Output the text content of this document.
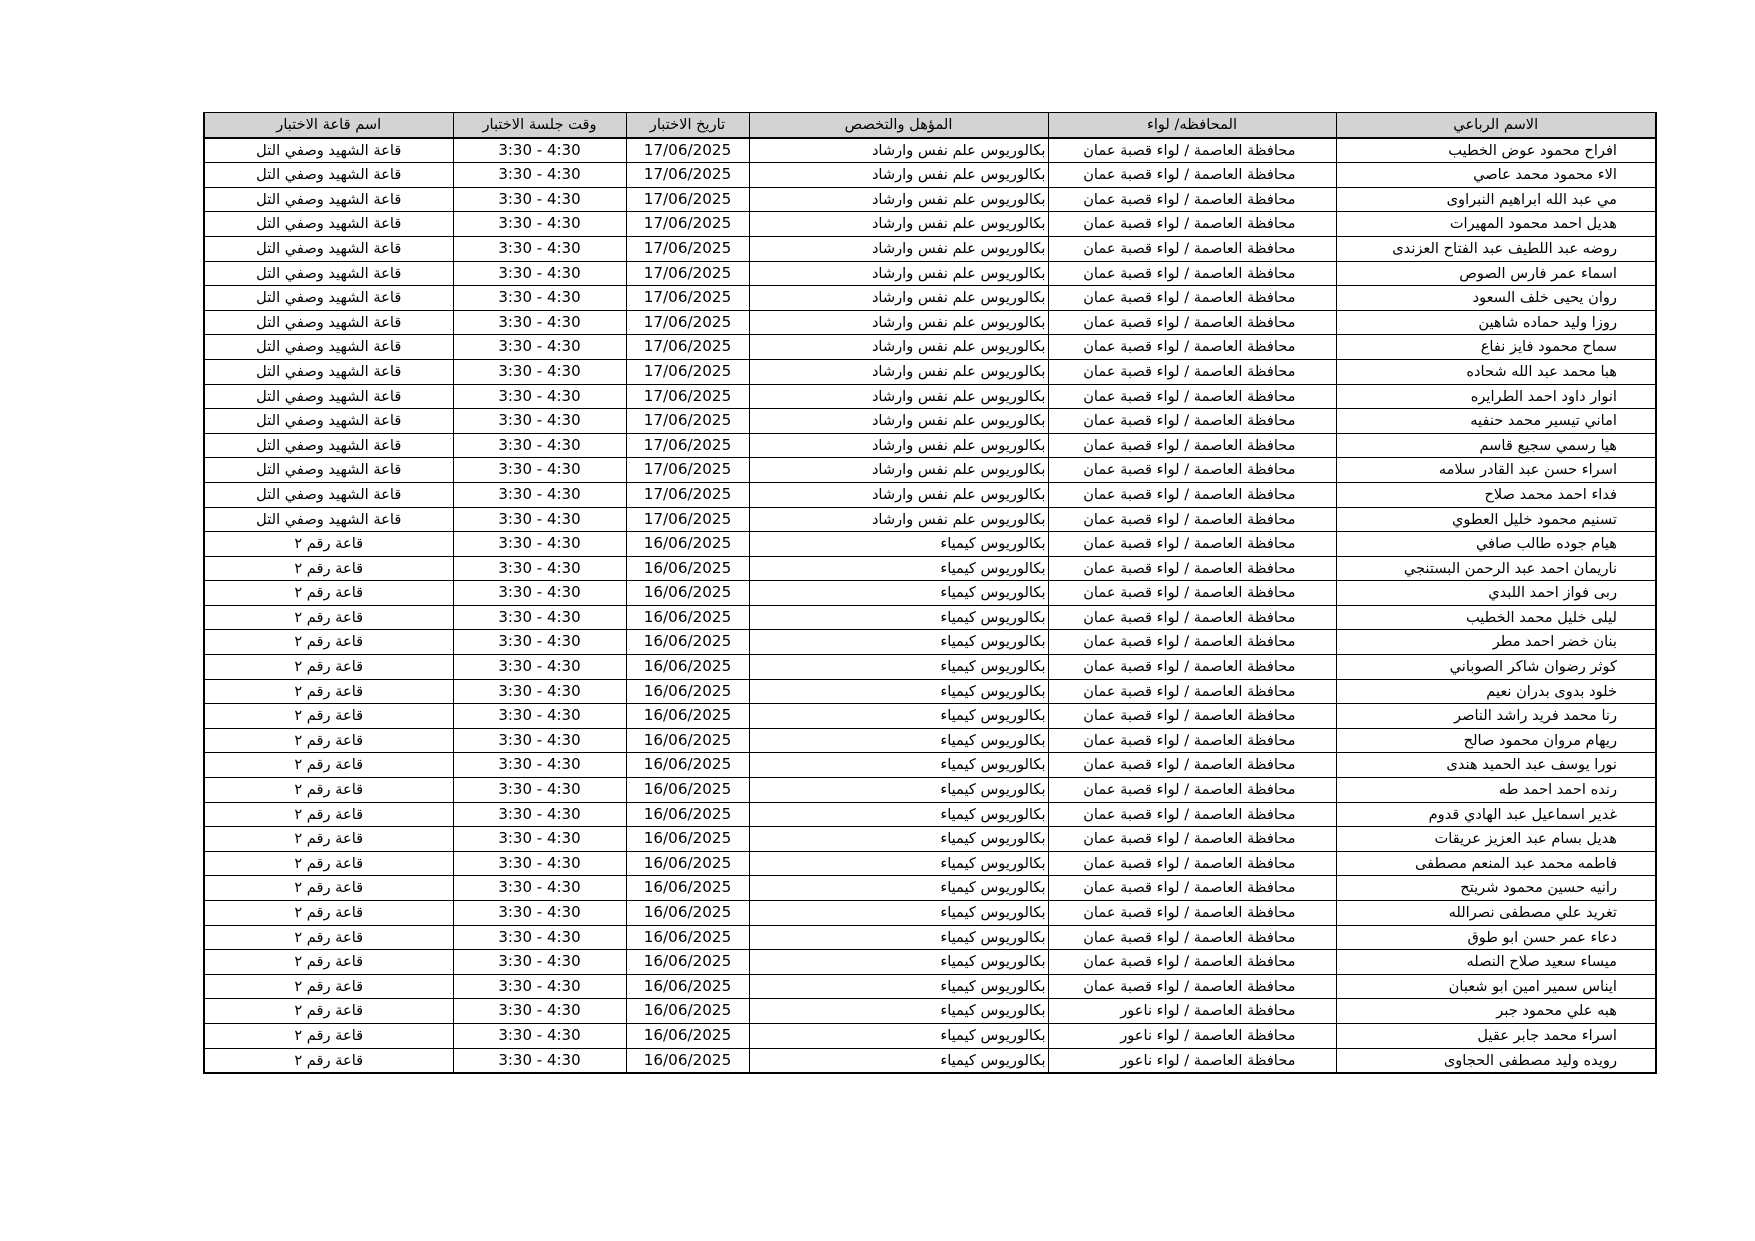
الاسم الرباعي	المحافظه/ لواء	المؤهل والتخصص	تاريخ الاختبار	وقت جلسة الاختبار	اسم قاعة الاختبار
افراح محمود عوض الخطيب	محافظة العاصمة / لواء قصبة عمان	بكالوريوس علم نفس وارشاد	17/06/2025	3:30 - 4:30	قاعة الشهيد وصفي التل
الاء محمود محمد عاصي	محافظة العاصمة / لواء قصبة عمان	بكالوريوس علم نفس وارشاد	17/06/2025	3:30 - 4:30	قاعة الشهيد وصفي التل
مي عبد الله ابراهيم النبراوى	محافظة العاصمة / لواء قصبة عمان	بكالوريوس علم نفس وارشاد	17/06/2025	3:30 - 4:30	قاعة الشهيد وصفي التل
هديل احمد محمود المهيرات	محافظة العاصمة / لواء قصبة عمان	بكالوريوس علم نفس وارشاد	17/06/2025	3:30 - 4:30	قاعة الشهيد وصفي التل
روضه عبد اللطيف عبد الفتاح العزندى	محافظة العاصمة / لواء قصبة عمان	بكالوريوس علم نفس وارشاد	17/06/2025	3:30 - 4:30	قاعة الشهيد وصفي التل
اسماء عمر فارس الصوص	محافظة العاصمة / لواء قصبة عمان	بكالوريوس علم نفس وارشاد	17/06/2025	3:30 - 4:30	قاعة الشهيد وصفي التل
روان يحيى خلف السعود	محافظة العاصمة / لواء قصبة عمان	بكالوريوس علم نفس وارشاد	17/06/2025	3:30 - 4:30	قاعة الشهيد وصفي التل
روزا وليد حماده شاهين	محافظة العاصمة / لواء قصبة عمان	بكالوريوس علم نفس وارشاد	17/06/2025	3:30 - 4:30	قاعة الشهيد وصفي التل
سماح محمود فايز نفاع	محافظة العاصمة / لواء قصبة عمان	بكالوريوس علم نفس وارشاد	17/06/2025	3:30 - 4:30	قاعة الشهيد وصفي التل
هبا محمد عبد الله شحاده	محافظة العاصمة / لواء قصبة عمان	بكالوريوس علم نفس وارشاد	17/06/2025	3:30 - 4:30	قاعة الشهيد وصفي التل
انوار داود احمد الطرايره	محافظة العاصمة / لواء قصبة عمان	بكالوريوس علم نفس وارشاد	17/06/2025	3:30 - 4:30	قاعة الشهيد وصفي التل
اماني تيسير محمد حنفيه	محافظة العاصمة / لواء قصبة عمان	بكالوريوس علم نفس وارشاد	17/06/2025	3:30 - 4:30	قاعة الشهيد وصفي التل
هيا رسمي سجيع قاسم	محافظة العاصمة / لواء قصبة عمان	بكالوريوس علم نفس وارشاد	17/06/2025	3:30 - 4:30	قاعة الشهيد وصفي التل
اسراء حسن عبد القادر سلامه	محافظة العاصمة / لواء قصبة عمان	بكالوريوس علم نفس وارشاد	17/06/2025	3:30 - 4:30	قاعة الشهيد وصفي التل
فداء احمد محمد صلاح	محافظة العاصمة / لواء قصبة عمان	بكالوريوس علم نفس وارشاد	17/06/2025	3:30 - 4:30	قاعة الشهيد وصفي التل
تسنيم محمود خليل العطوي	محافظة العاصمة / لواء قصبة عمان	بكالوريوس علم نفس وارشاد	17/06/2025	3:30 - 4:30	قاعة الشهيد وصفي التل
هيام جوده طالب صافي	محافظة العاصمة / لواء قصبة عمان	بكالوريوس كيمياء	16/06/2025	3:30 - 4:30	قاعة رقم ٢
ناريمان احمد عبد الرحمن البستنجي	محافظة العاصمة / لواء قصبة عمان	بكالوريوس كيمياء	16/06/2025	3:30 - 4:30	قاعة رقم ٢
ربى فواز احمد اللبدي	محافظة العاصمة / لواء قصبة عمان	بكالوريوس كيمياء	16/06/2025	3:30 - 4:30	قاعة رقم ٢
ليلى خليل محمد الخطيب	محافظة العاصمة / لواء قصبة عمان	بكالوريوس كيمياء	16/06/2025	3:30 - 4:30	قاعة رقم ٢
بنان خضر احمد مطر	محافظة العاصمة / لواء قصبة عمان	بكالوريوس كيمياء	16/06/2025	3:30 - 4:30	قاعة رقم ٢
كوثر رضوان شاكر الصوباني	محافظة العاصمة / لواء قصبة عمان	بكالوريوس كيمياء	16/06/2025	3:30 - 4:30	قاعة رقم ٢
خلود بدوى بدران نعيم	محافظة العاصمة / لواء قصبة عمان	بكالوريوس كيمياء	16/06/2025	3:30 - 4:30	قاعة رقم ٢
رنا محمد فريد راشد الناصر	محافظة العاصمة / لواء قصبة عمان	بكالوريوس كيمياء	16/06/2025	3:30 - 4:30	قاعة رقم ٢
ريهام مروان محمود صالح	محافظة العاصمة / لواء قصبة عمان	بكالوريوس كيمياء	16/06/2025	3:30 - 4:30	قاعة رقم ٢
نورا يوسف عبد الحميد هندى	محافظة العاصمة / لواء قصبة عمان	بكالوريوس كيمياء	16/06/2025	3:30 - 4:30	قاعة رقم ٢
رنده احمد احمد طه	محافظة العاصمة / لواء قصبة عمان	بكالوريوس كيمياء	16/06/2025	3:30 - 4:30	قاعة رقم ٢
غدير اسماعيل عبد الهادي قدوم	محافظة العاصمة / لواء قصبة عمان	بكالوريوس كيمياء	16/06/2025	3:30 - 4:30	قاعة رقم ٢
هديل بسام عبد العزيز عريقات	محافظة العاصمة / لواء قصبة عمان	بكالوريوس كيمياء	16/06/2025	3:30 - 4:30	قاعة رقم ٢
فاطمه محمد عبد المنعم مصطفى	محافظة العاصمة / لواء قصبة عمان	بكالوريوس كيمياء	16/06/2025	3:30 - 4:30	قاعة رقم ٢
رانيه حسين محمود شريتح	محافظة العاصمة / لواء قصبة عمان	بكالوريوس كيمياء	16/06/2025	3:30 - 4:30	قاعة رقم ٢
تغريد علي مصطفى نصرالله	محافظة العاصمة / لواء قصبة عمان	بكالوريوس كيمياء	16/06/2025	3:30 - 4:30	قاعة رقم ٢
دعاء عمر حسن ابو طوق	محافظة العاصمة / لواء قصبة عمان	بكالوريوس كيمياء	16/06/2025	3:30 - 4:30	قاعة رقم ٢
ميساء سعيد صلاح النصله	محافظة العاصمة / لواء قصبة عمان	بكالوريوس كيمياء	16/06/2025	3:30 - 4:30	قاعة رقم ٢
ايناس سمير امين ابو شعبان	محافظة العاصمة / لواء قصبة عمان	بكالوريوس كيمياء	16/06/2025	3:30 - 4:30	قاعة رقم ٢
هبه علي محمود جبر	محافظة العاصمة / لواء ناعور	بكالوريوس كيمياء	16/06/2025	3:30 - 4:30	قاعة رقم ٢
اسراء محمد جابر عقيل	محافظة العاصمة / لواء ناعور	بكالوريوس كيمياء	16/06/2025	3:30 - 4:30	قاعة رقم ٢
رويده وليد مصطفى الحجاوى	محافظة العاصمة / لواء ناعور	بكالوريوس كيمياء	16/06/2025	3:30 - 4:30	قاعة رقم ٢
